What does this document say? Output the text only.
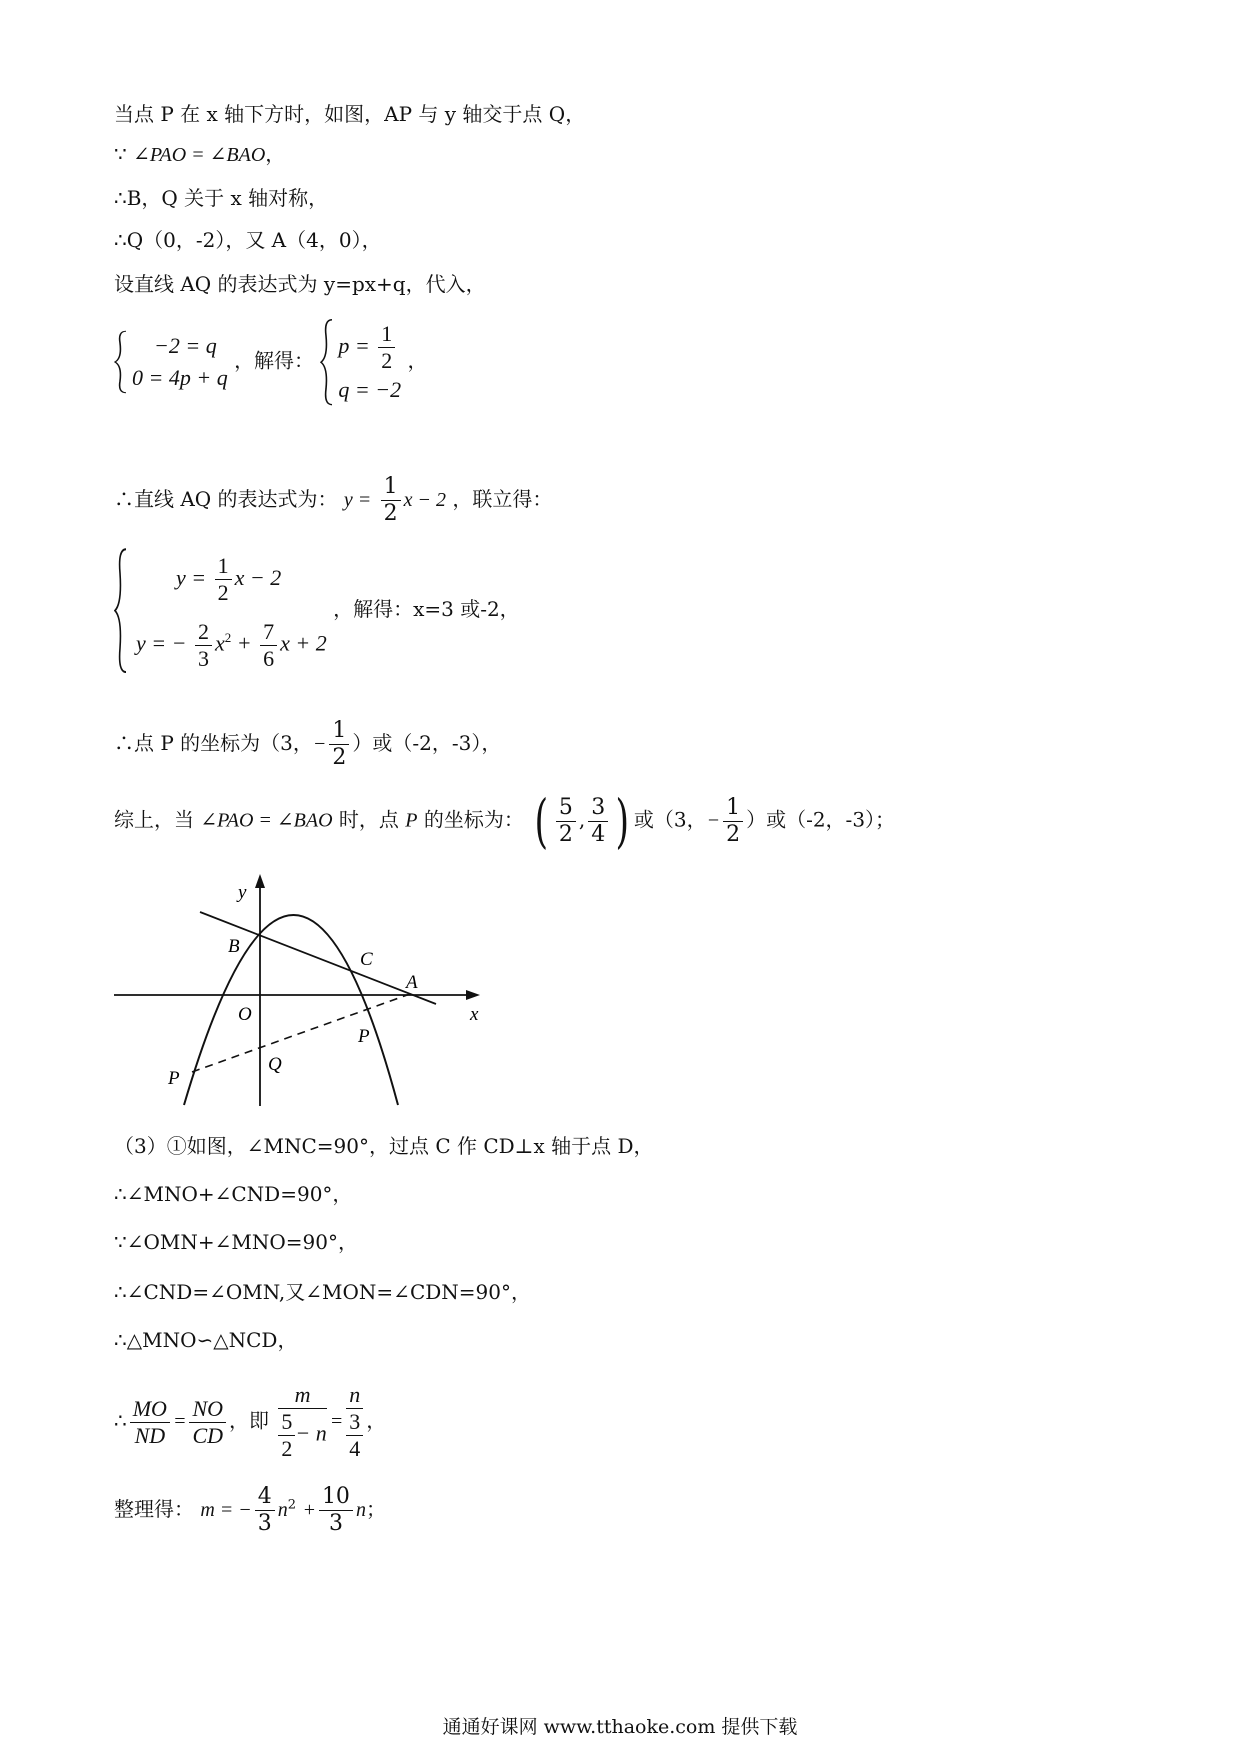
当点 P 在 x 轴下方时，如图，AP 与 y 轴交于点 Q，
∵ ∠PAO = ∠BAO，
∴B，Q 关于 x 轴对称，
∴Q（0，-2），又 A（4，0），
设直线 AQ 的表达式为 y=px+q，代入，
−2 = q
0 = 4p + q
，解得：
$p = \frac{1}{2}$
q = −2
，
∴直线 AQ 的表达式为： $y = \frac{1}{2}$ x − 2 ，联立得：
$y = \frac{1}{2}$ x − 2
y = − $\frac{2}{3} x^2 + \frac{7}{6}$ x + 2
，解得：x=3 或-2，
∴点 P 的坐标为（3，− $\frac{1}{2}$ ）或（-2，-3），
综上，当 ∠PAO = ∠BAO 时，点 P 的坐标为： ( $\frac{5}{2}$ , $\frac{3}{4}$ ) 或（3，− $\frac{1}{2}$ ）或（-2，-3）；
y
x
B
C
A
O
P
Q
P
（3）①如图，∠MNC=90°，过点 C 作 CD⊥x 轴于点 D，
∴∠MNO+∠CND=90°，
∵∠OMN+∠MNO=90°，
∴∠CND=∠OMN,又∠MON=∠CDN=90°，
∴△MNO∽△NCD，
∴ $\frac{MO}{ND} = \frac{NO}{CD}$ ，即 $\frac{m}{\frac{5}{2} - n} = \frac{n}{\frac{3}{4}}$ ，
整理得： m = − $\frac{4}{3} n^2 + \frac{10}{3}$ n；
通通好课网 www.tthaoke.com 提供下载
